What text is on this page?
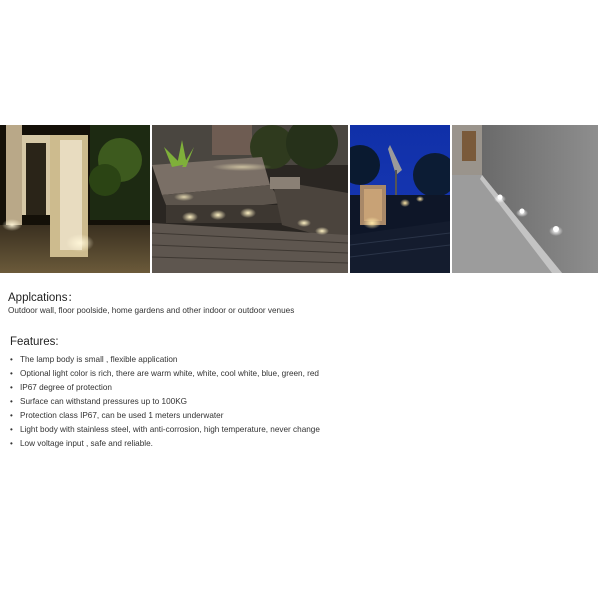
Applcations：
Outdoor wall, floor poolside, home gardens and other indoor or outdoor venues
Features:
• The lamp body is small , flexible application
• Optional light color is rich, there are warm white, white, cool white, blue, green, red
• IP67 degree of protection
• Surface can withstand pressures up to 100KG
• Protection class IP67, can be used 1 meters underwater
• Light body with stainless steel, with anti-corrosion, high temperature, never change
• Low voltage input , safe and reliable.
